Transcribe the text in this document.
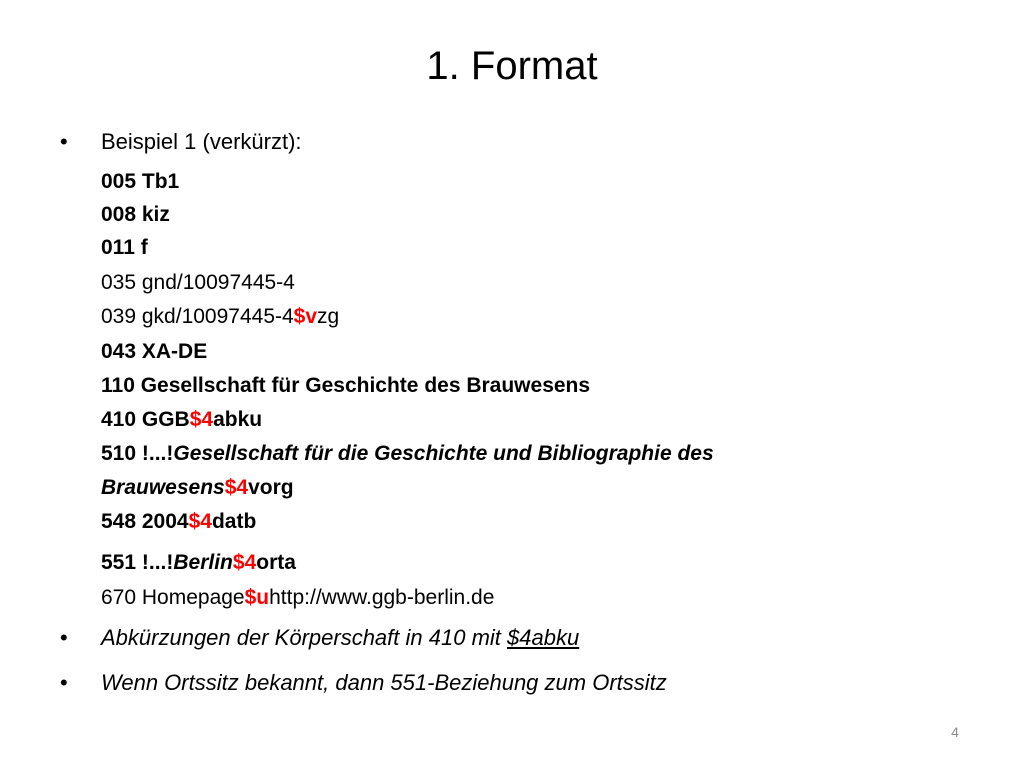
1. Format
• Beispiel 1 (verkürzt):
005 Tb1
008 kiz
011 f
035 gnd/10097445-4
039 gkd/10097445-4$vzg
043 XA-DE
110 Gesellschaft für Geschichte des Brauwesens
410 GGB$4abku
510 !...!Gesellschaft für die Geschichte und Bibliographie des
Brauwesens$4vorg
548 2004$4datb
551 !...!Berlin$4orta
670 Homepage$uhttp://www.ggb-berlin.de
• Abkürzungen der Körperschaft in 410 mit $4abku
• Wenn Ortssitz bekannt, dann 551-Beziehung zum Ortssitz
4
